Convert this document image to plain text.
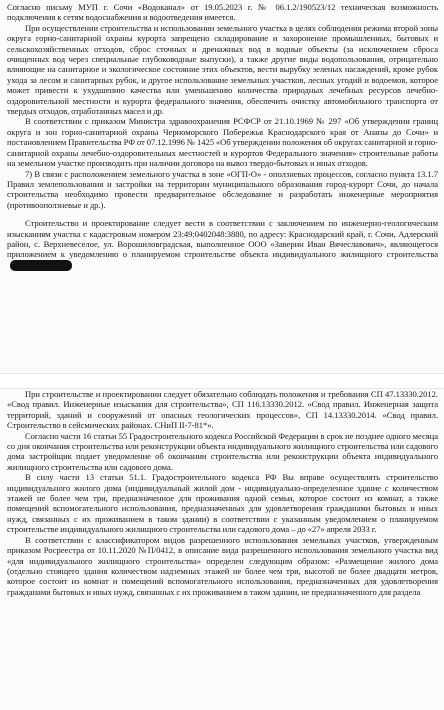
Согласно письму МУП г. Сочи «Водоканал» от 19.05.2023 г. № 06.1.2/190523/12 техническая возможность подключения к сетям водоснабжения и водоотведения имеется.

При осуществлении строительства и использовании земельного участка в целях соблюдения режима второй зоны округа горно-санитарной охраны курорта запрещено складирование и захоронение промышленных, бытовых и сельскохозяйственных отходов, сброс сточных и дренажных вод в водные объекты (за исключением сброса очищенных вод через специальные глубоководные выпуски), а также другие виды водопользования, отрицательно влияющие на санитарное и экологическое состояние этих объектов, вести вырубку зеленых насаждений, кроме рубок ухода за лесом и санитарных рубок, и другое использование земельных участков, лесных угодий и водоемов, которое может привести к ухудшению качества или уменьшению количества природных лечебных ресурсов лечебно-оздоровительной местности и курорта федерального значения, обеспечить очистку автомобильного транспорта от твердых отходов, отработанных масел и др.

В соответствии с приказом Министра здравоохранения РСФСР от 21.10.1969 № 297 «Об утверждении границ округа и зон горно-санитарной охраны Черноморского Побережья Краснодарского края от Анапы до Сочи» и постановлением Правительства РФ от 07.12.1996 № 1425 «Об утверждении положения об округах санитарной и горно-санитарной охраны лечебно-оздоровительных местностей и курортов Федерального значения» строительные работы на земельном участке производить при наличии договора на вывоз твердо-бытовых и иных отходов.

7) В связи с расположением земельного участка в зоне «ОГП-О» - оползневых процессов, согласно пункта 13.1.7 Правил землепользования и застройки на территории муниципального образования город-курорт Сочи, до начала строительства необходимо провести предварительное обследование и разработать инженерные мероприятия (противооползневые и др.).

Строительство и проектирование следует вести в соответствии с заключением по инженерно-геологическим изысканиям участка с кадастровым номером 23:49:0402048:3880, по адресу: Краснодарский край, г. Сочи, Адлерский район, с. Верхневеселое, ул. Ворошиловградская, выполненное ООО «Заверин Иван Вячеславович», являющегося приложением к уведомлению о планируемом строительстве объекта индивидуального жилищного строительства

При строительстве и проектировании следует обязательно соблюдать положения и требования СП 47.13330.2012. «Свод правил. Инженерные изыскания для строительства», СП 116.13330.2012. «Свод правил. Инженерная защита территорий, зданий и сооружений от опасных геологических процессов», СП 14.13330.2014. «Свод правил. Строительство в сейсмических районах. СНиП II-7-81*».

Согласно части 16 статьи 55 Градостроительного кодекса Российской Федерации в срок не позднее одного месяца со дня окончания строительства или реконструкции объекта индивидуального жилищного строительства или садового дома застройщик подает уведомление об окончании строительства или реконструкции объекта индивидуального жилищного строительства или садового дома.

В силу части 13 статьи 51.1. Градостроительного кодекса РФ Вы вправе осуществлять строительство индивидуального жилого дома (индивидуальный жилой дом - индивидуально-определенное здание с количеством этажей не более чем три, предназначенное для проживания одной семьи, которое состоит из комнат, а также помещений вспомогательного использования, предназначенных для удовлетворения гражданами бытовых и иных нужд, связанных с их проживанием в таком здании) в соответствии с указанным уведомлением о планируемом строительстве индивидуального жилищного строительства или садового дома – до «27» апреля 2033 г.

В соответствии с классификатором видов разрешенного использования земельных участков, утвержденным приказом Росреестра от 10.11.2020 №П/0412, в описание вида разрешенного использования земельного участка вид «для индивидуального жилищного строительства» определен следующим образом: «Размещение жилого дома (отдельно стоящего здания количеством надземных этажей не более чем три, высотой не более двадцати метров, которое состоит из комнат и помещений вспомогательного использования, предназначенных для удовлетворения гражданами бытовых и иных нужд, связанных с их проживанием в таком здании, не предназначенного для раздела
